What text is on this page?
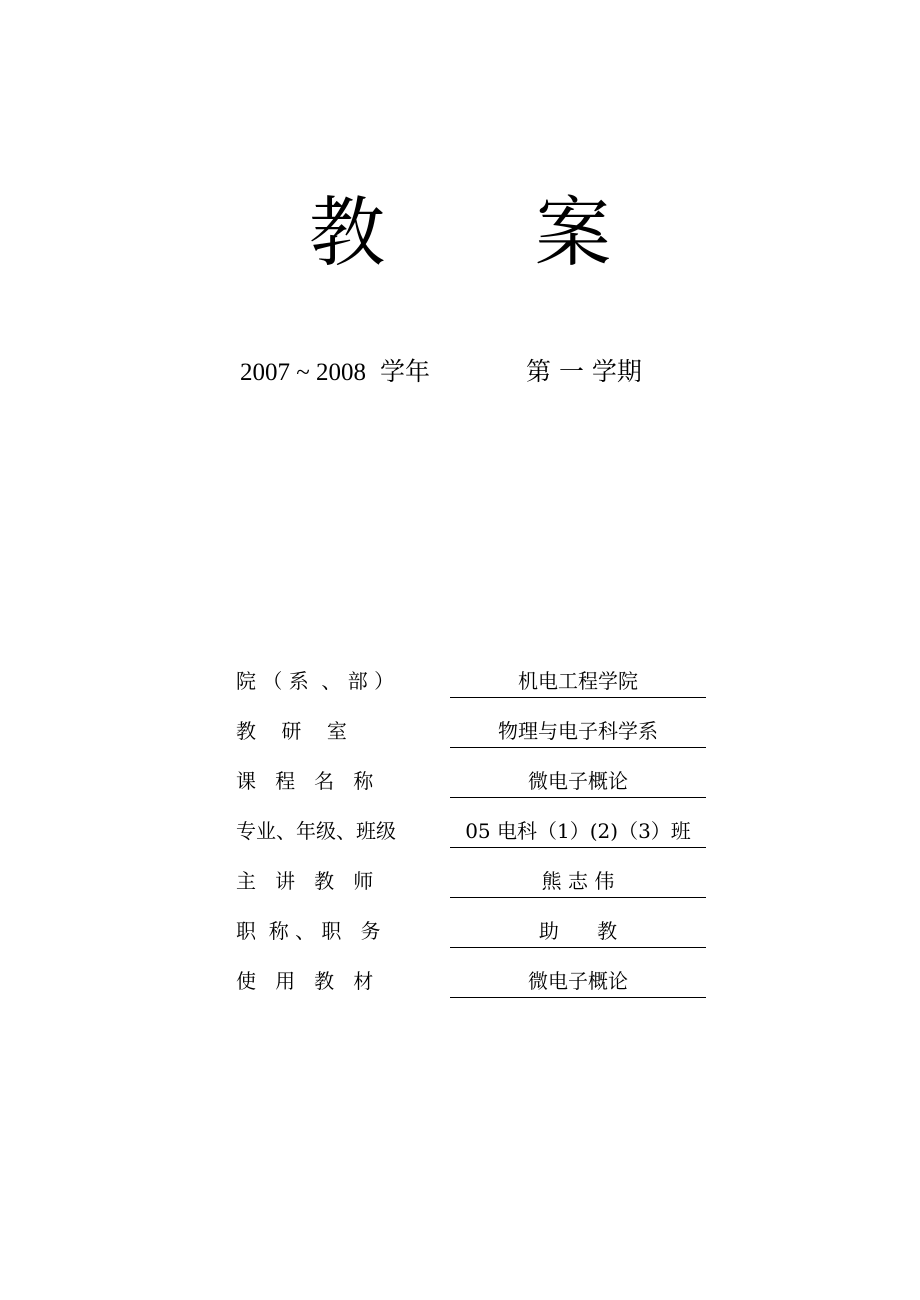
教 案
2007 ~ 2008 学年	第 一 学期
院 （ 系  、 部 ）	机电工程学院
教    研    室	物理与电子科学系
课   程   名   称	微电子概论
专业、年级、班级	05 电科（1）(2)（3）班
主   讲   教   师	熊 志 伟
职  称 、 职   务	助      教
使   用   教   材	微电子概论
